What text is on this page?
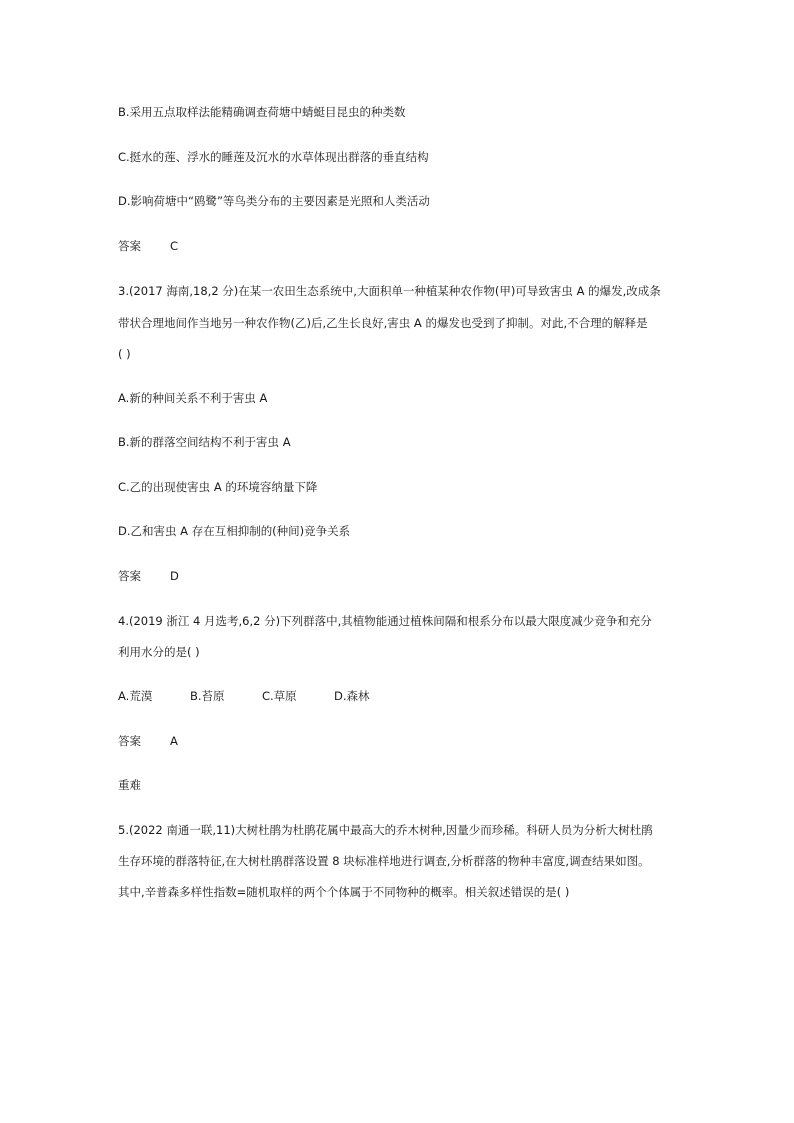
B.采用五点取样法能精确调查荷塘中蜻蜓目昆虫的种类数
C.挺水的莲、浮水的睡莲及沉水的水草体现出群落的垂直结构
D.影响荷塘中“鸥鹭”等鸟类分布的主要因素是光照和人类活动
答案	C
3.(2017 海南,18,2 分)在某一农田生态系统中,大面积单一种植某种农作物(甲)可导致害虫 A 的爆发,改成条
带状合理地间作当地另一种农作物(乙)后,乙生长良好,害虫 A 的爆发也受到了抑制。对此,不合理的解释是
( )
A.新的种间关系不利于害虫 A
B.新的群落空间结构不利于害虫 A
C.乙的出现使害虫 A 的环境容纳量下降
D.乙和害虫 A 存在互相抑制的(种间)竞争关系
答案	D
4.(2019 浙江 4 月选考,6,2 分)下列群落中,其植物能通过植株间隔和根系分布以最大限度减少竞争和充分
利用水分的是( )
A.荒漠	B.苔原	C.草原	D.森林
答案	A
重难
5.(2022 南通一联,11)大树杜鹃为杜鹃花属中最高大的乔木树种,因量少而珍稀。科研人员为分析大树杜鹃
生存环境的群落特征,在大树杜鹃群落设置 8 块标准样地进行调查,分析群落的物种丰富度,调查结果如图。
其中,辛普森多样性指数=随机取样的两个个体属于不同物种的概率。相关叙述错误的是( )
